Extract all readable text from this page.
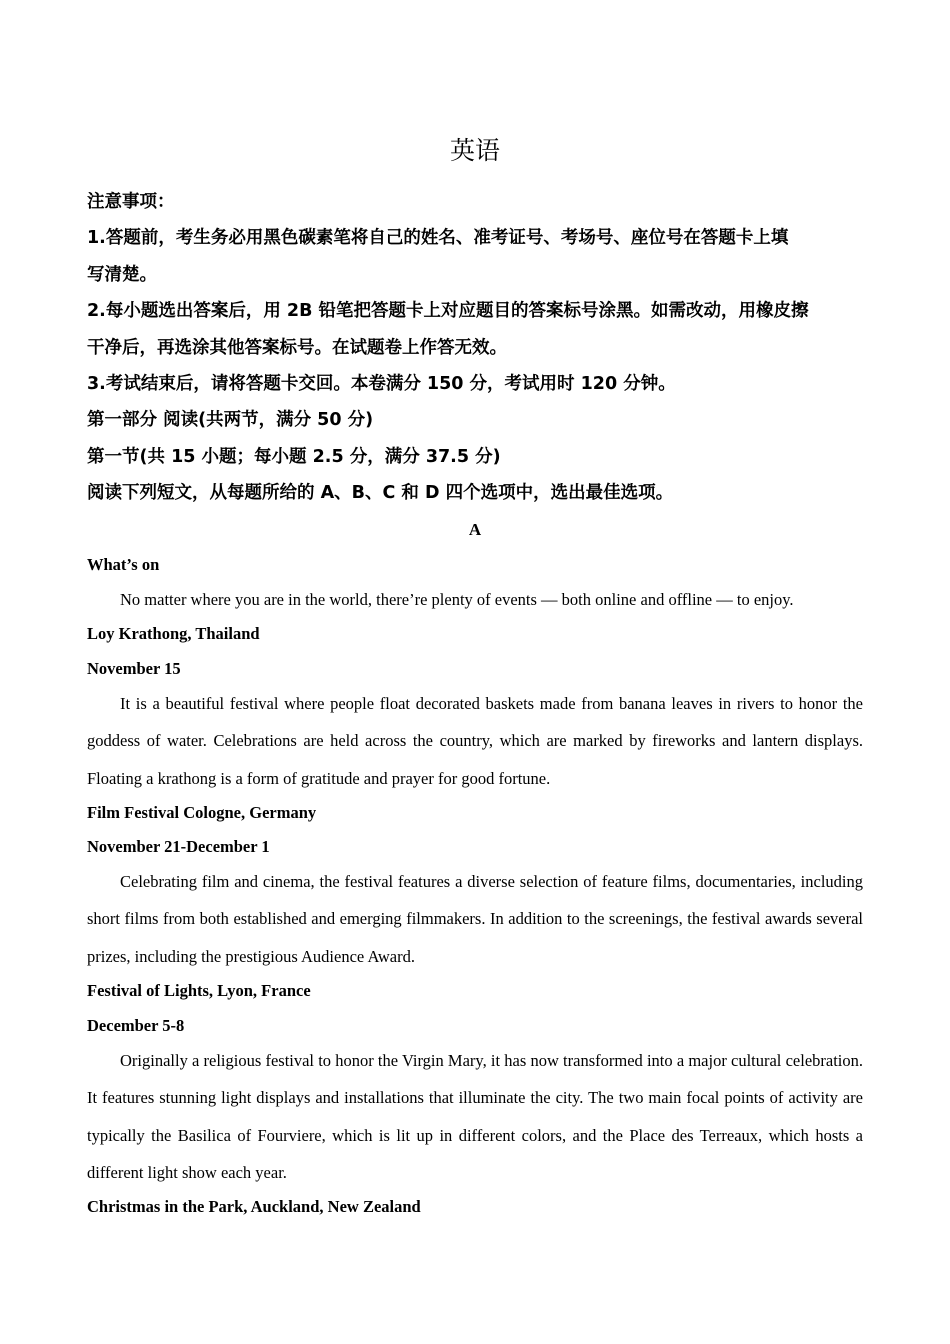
英语
注意事项：
1.答题前，考生务必用黑色碳素笔将自己的姓名、准考证号、考场号、座位号在答题卡上填
写清楚。
2.每小题选出答案后，用 2B 铅笔把答题卡上对应题目的答案标号涂黑。如需改动，用橡皮擦
干净后，再选涂其他答案标号。在试题卷上作答无效。
3.考试结束后，请将答题卡交回。本卷满分 150 分，考试用时 120 分钟。
第一部分 阅读(共两节，满分 50 分)
第一节(共 15 小题；每小题 2.5 分，满分 37.5 分)
阅读下列短文，从每题所给的 A、B、C 和 D 四个选项中，选出最佳选项。
A
What’s on
No matter where you are in the world, there’re plenty of events — both online and offline — to enjoy.
Loy Krathong, Thailand
November 15
It is a beautiful festival where people float decorated baskets made from banana leaves in rivers to honor the goddess of water. Celebrations are held across the country, which are marked by fireworks and lantern displays. Floating a krathong is a form of gratitude and prayer for good fortune.
Film Festival Cologne, Germany
November 21-December 1
Celebrating film and cinema, the festival features a diverse selection of feature films, documentaries, including short films from both established and emerging filmmakers. In addition to the screenings, the festival awards several prizes, including the prestigious Audience Award.
Festival of Lights, Lyon, France
December 5-8
Originally a religious festival to honor the Virgin Mary, it has now transformed into a major cultural celebration. It features stunning light displays and installations that illuminate the city. The two main focal points of activity are typically the Basilica of Fourviere, which is lit up in different colors, and the Place des Terreaux, which hosts a different light show each year.
Christmas in the Park, Auckland, New Zealand
